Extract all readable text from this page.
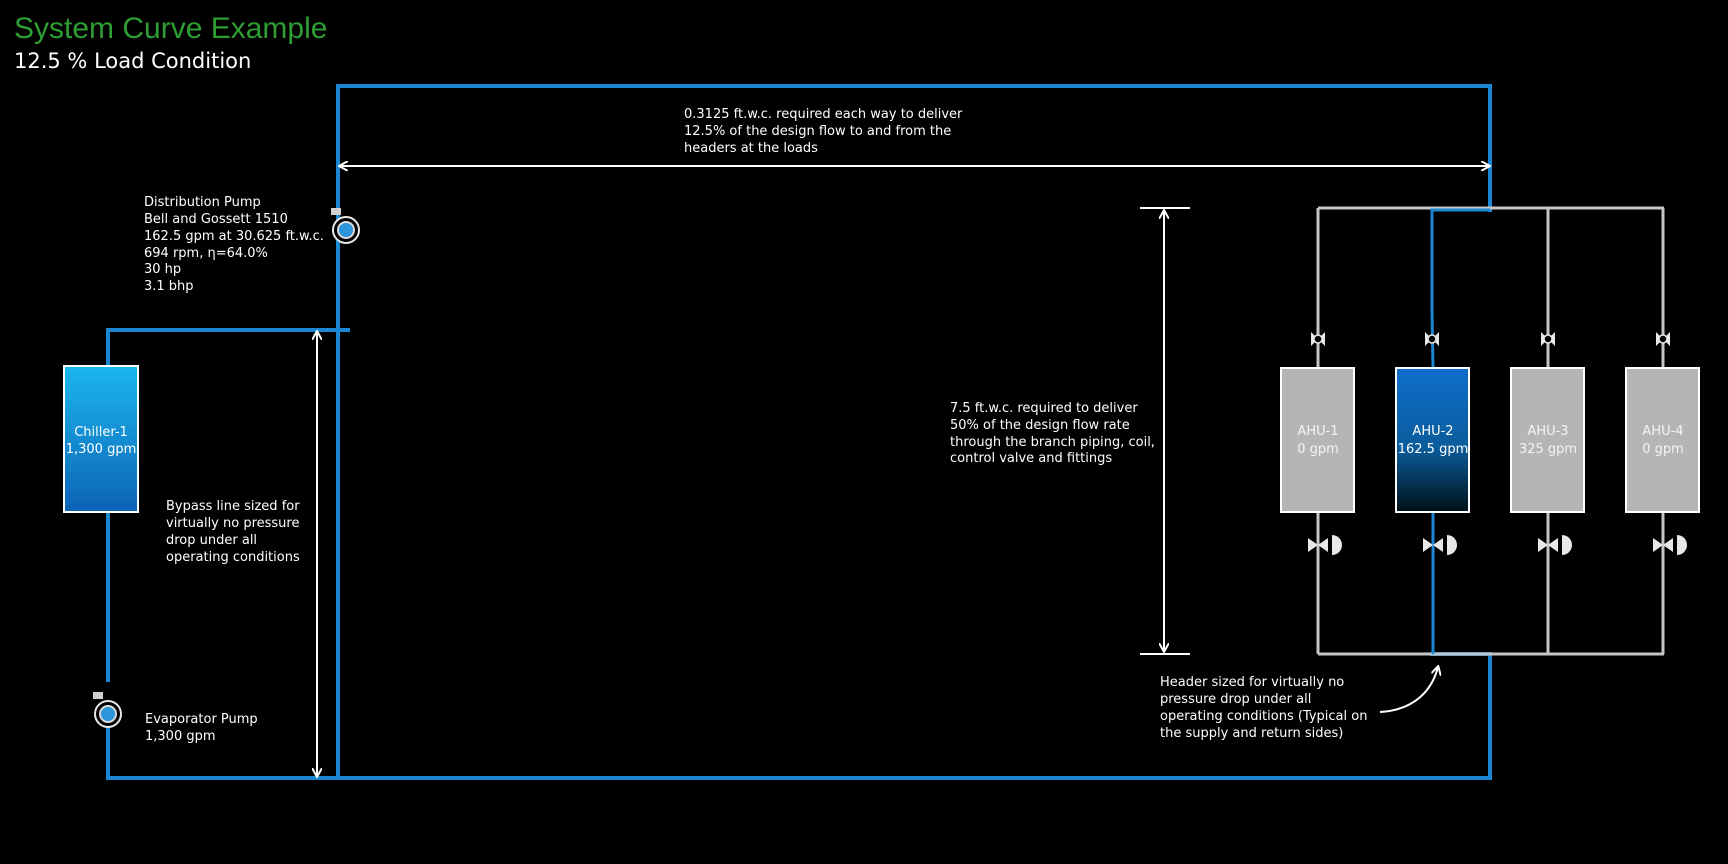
System Curve Example
12.5 % Load Condition
Chiller-1
1,300 gpm
AHU-1
0 gpm
AHU-2
162.5 gpm
AHU-3
325 gpm
AHU-4
0 gpm
0.3125 ft.w.c. required each way to deliver
12.5% of the design flow to and from the
headers at the loads
Distribution Pump
Bell and Gossett 1510
162.5 gpm at 30.625 ft.w.c.
694 rpm, η=64.0%
30 hp
3.1 bhp
Bypass line sized for
virtually no pressure
drop under all
operating conditions
7.5 ft.w.c. required to deliver
50% of the design flow rate
through the branch piping, coil,
control valve and fittings
Header sized for virtually no
pressure drop under all
operating conditions (Typical on
the supply and return sides)
Evaporator Pump
1,300 gpm
